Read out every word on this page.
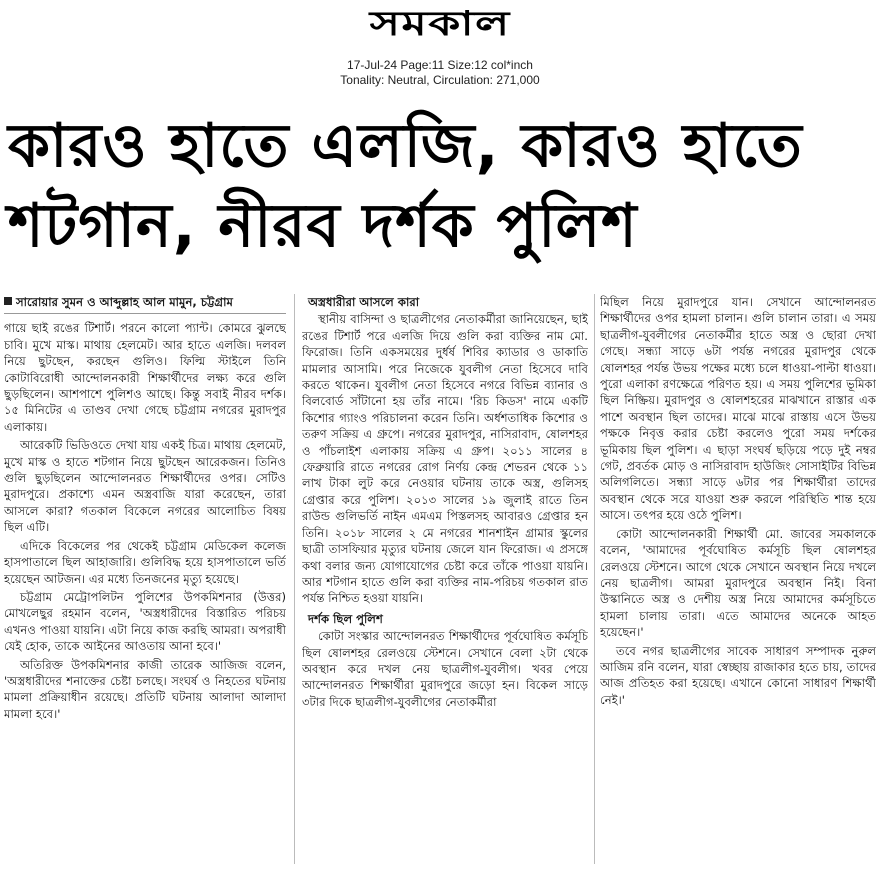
সমকাল
17-Jul-24 Page:11 Size:12 col*inch
Tonality: Neutral, Circulation: 271,000
কারও হাতে এলজি, কারও হাতে
শটগান, নীরব দর্শক পুলিশ
সারোয়ার সুমন ও আব্দুল্লাহ আল মামুন, চট্টগ্রাম

গায়ে ছাই রঙের টিশার্ট। পরনে কালো প্যান্ট। কোমরে ঝুলছে চাবি। মুখে মাস্ক। মাথায় হেলমেট। আর হাতে এলজি। দলবল নিয়ে ছুটছেন, করছেন গুলিও। ফিল্মি স্টাইলে তিনি কোটাবিরোধী আন্দোলনকারী শিক্ষার্থীদের লক্ষ্য করে গুলি ছুড়ছিলেন। আশপাশে পুলিশও আছে। কিন্তু সবাই নীরব দর্শক। ১৫ মিনিটের এ তাণ্ডব দেখা গেছে চট্টগ্রাম নগরের মুরাদপুর এলাকায়।

আরেকটি ভিডিওতে দেখা যায় একই চিত্র। মাথায় হেলমেট, মুখে মাস্ক ও হাতে শটগান নিয়ে ছুটছেন আরেকজন। তিনিও গুলি ছুড়ছিলেন আন্দোলনরত শিক্ষার্থীদের ওপর। সেটিও মুরাদপুরে। প্রকাশ্যে এমন অস্ত্রবাজি যারা করেছেন, তারা আসলে কারা? গতকাল বিকেলে নগরের আলোচিত বিষয় ছিল এটি।

এদিকে বিকেলের পর থেকেই চট্টগ্রাম মেডিকেল কলেজ হাসপাতালে ছিল আহাজারি। গুলিবিদ্ধ হয়ে হাসপাতালে ভর্তি হয়েছেন আটজন। এর মধ্যে তিনজনের মৃত্যু হয়েছে।

চট্টগ্রাম মেট্রোপলিটন পুলিশের উপকমিশনার (উত্তর) মোখলেছুর রহমান বলেন, 'অস্ত্রধারীদের বিস্তারিত পরিচয় এখনও পাওয়া যায়নি। এটা নিয়ে কাজ করছি আমরা। অপরাধী যেই হোক, তাকে আইনের আওতায় আনা হবে।'

অতিরিক্ত উপকমিশনার কাজী তারেক আজিজ বলেন, 'অস্ত্রধারীদের শনাক্তের চেষ্টা চলছে। সংঘর্ষ ও নিহতের ঘটনায় মামলা প্রক্রিয়াধীন রয়েছে। প্রতিটি ঘটনায় আলাদা আলাদা মামলা হবে।'

অস্ত্রধারীরা আসলে কারা

স্থানীয় বাসিন্দা ও ছাত্রলীগের নেতাকর্মীরা জানিয়েছেন, ছাই রঙের টিশার্ট পরে এলজি দিয়ে গুলি করা ব্যক্তির নাম মো. ফিরোজ। তিনি একসময়ের দুর্ধর্ষ শিবির ক্যাডার ও ডাকাতি মামলার আসামি। পরে নিজেকে যুবলীগ নেতা হিসেবে দাবি করতে থাকেন। যুবলীগ নেতা হিসেবে নগরে বিভিন্ন ব্যানার ও বিলবোর্ড সাঁটানো হয় তাঁর নামে। 'রিচ কিডস' নামে একটি কিশোর গ্যাংও পরিচালনা করেন তিনি। অর্ধশতাধিক কিশোর ও তরুণ সক্রিয় এ গ্রুপে। নগরের মুরাদপুর, নাসিরাবাদ, ষোলশহর ও পাঁচলাইশ এলাকায় সক্রিয় এ গ্রুপ। ২০১১ সালের ৪ ফেব্রুয়ারি রাতে নগরের রোগ নির্ণয় কেন্দ্র শেভরন থেকে ১১ লাখ টাকা লুট করে নেওয়ার ঘটনায় তাকে অস্ত্র, গুলিসহ গ্রেপ্তার করে পুলিশ। ২০১৩ সালের ১৯ জুলাই রাতে তিন রাউন্ড গুলিভর্তি নাইন এমএম পিস্তলসহ আবারও গ্রেপ্তার হন তিনি। ২০১৮ সালের ২ মে নগরের শানশাইন গ্রামার স্কুলের ছাত্রী তাসফিয়ার মৃত্যুর ঘটনায় জেলে যান ফিরোজ। এ প্রসঙ্গে কথা বলার জন্য যোগাযোগের চেষ্টা করে তাঁকে পাওয়া যায়নি। আর শটগান হাতে গুলি করা ব্যক্তির নাম-পরিচয় গতকাল রাত পর্যন্ত নিশ্চিত হওয়া যায়নি।

দর্শক ছিল পুলিশ

কোটা সংস্কার আন্দোলনরত শিক্ষার্থীদের পূর্বঘোষিত কর্মসূচি ছিল ষোলশহর রেলওয়ে স্টেশনে। সেখানে বেলা ২টা থেকে অবস্থান করে দখল নেয় ছাত্রলীগ-যুবলীগ। খবর পেয়ে আন্দোলনরত শিক্ষার্থীরা মুরাদপুরে জড়ো হন। বিকেল সাড়ে ৩টার দিকে ছাত্রলীগ-যুবলীগের নেতাকর্মীরা

মিছিল নিয়ে মুরাদপুরে যান। সেখানে আন্দোলনরত শিক্ষার্থীদের ওপর হামলা চালান। গুলি চালান তারা। এ সময় ছাত্রলীগ-যুবলীগের নেতাকর্মীর হাতে অস্ত্র ও ছোরা দেখা গেছে। সন্ধ্যা সাড়ে ৬টা পর্যন্ত নগরের মুরাদপুর থেকে ষোলশহর পর্যন্ত উভয় পক্ষের মধ্যে চলে ধাওয়া-পাল্টা ধাওয়া। পুরো এলাকা রণক্ষেত্রে পরিণত হয়। এ সময় পুলিশের ভূমিকা ছিল নিষ্ক্রিয়। মুরাদপুর ও ষোলশহরের মাঝখানে রাস্তার এক পাশে অবস্থান ছিল তাদের। মাঝে মাঝে রাস্তায় এসে উভয় পক্ষকে নিবৃত্ত করার চেষ্টা করলেও পুরো সময় দর্শকের ভূমিকায় ছিল পুলিশ। এ ছাড়া সংঘর্ষ ছড়িয়ে পড়ে দুই নম্বর গেট, প্রবর্তক মোড় ও নাসিরাবাদ হাউজিং সোসাইটির বিভিন্ন অলিগলিতে। সন্ধ্যা সাড়ে ৬টার পর শিক্ষার্থীরা তাদের অবস্থান থেকে সরে যাওয়া শুরু করলে পরিস্থিতি শান্ত হয়ে আসে। তৎপর হয়ে ওঠে পুলিশ।

কোটা আন্দোলনকারী শিক্ষার্থী মো. জাবের সমকালকে বলেন, 'আমাদের পূর্বঘোষিত কর্মসূচি ছিল ষোলশহর রেলওয়ে স্টেশনে। আগে থেকে সেখানে অবস্থান নিয়ে দখলে নেয় ছাত্রলীগ। আমরা মুরাদপুরে অবস্থান নিই। বিনা উস্কানিতে অস্ত্র ও দেশীয় অস্ত্র নিয়ে আমাদের কর্মসূচিতে হামলা চালায় তারা। এতে আমাদের অনেকে আহত হয়েছেন।'

তবে নগর ছাত্রলীগের সাবেক সাধারণ সম্পাদক নুরুল আজিম রনি বলেন, যারা স্বেচ্ছায় রাজাকার হতে চায়, তাদের আজ প্রতিহত করা হয়েছে। এখানে কোনো সাধারণ শিক্ষার্থী নেই।'
